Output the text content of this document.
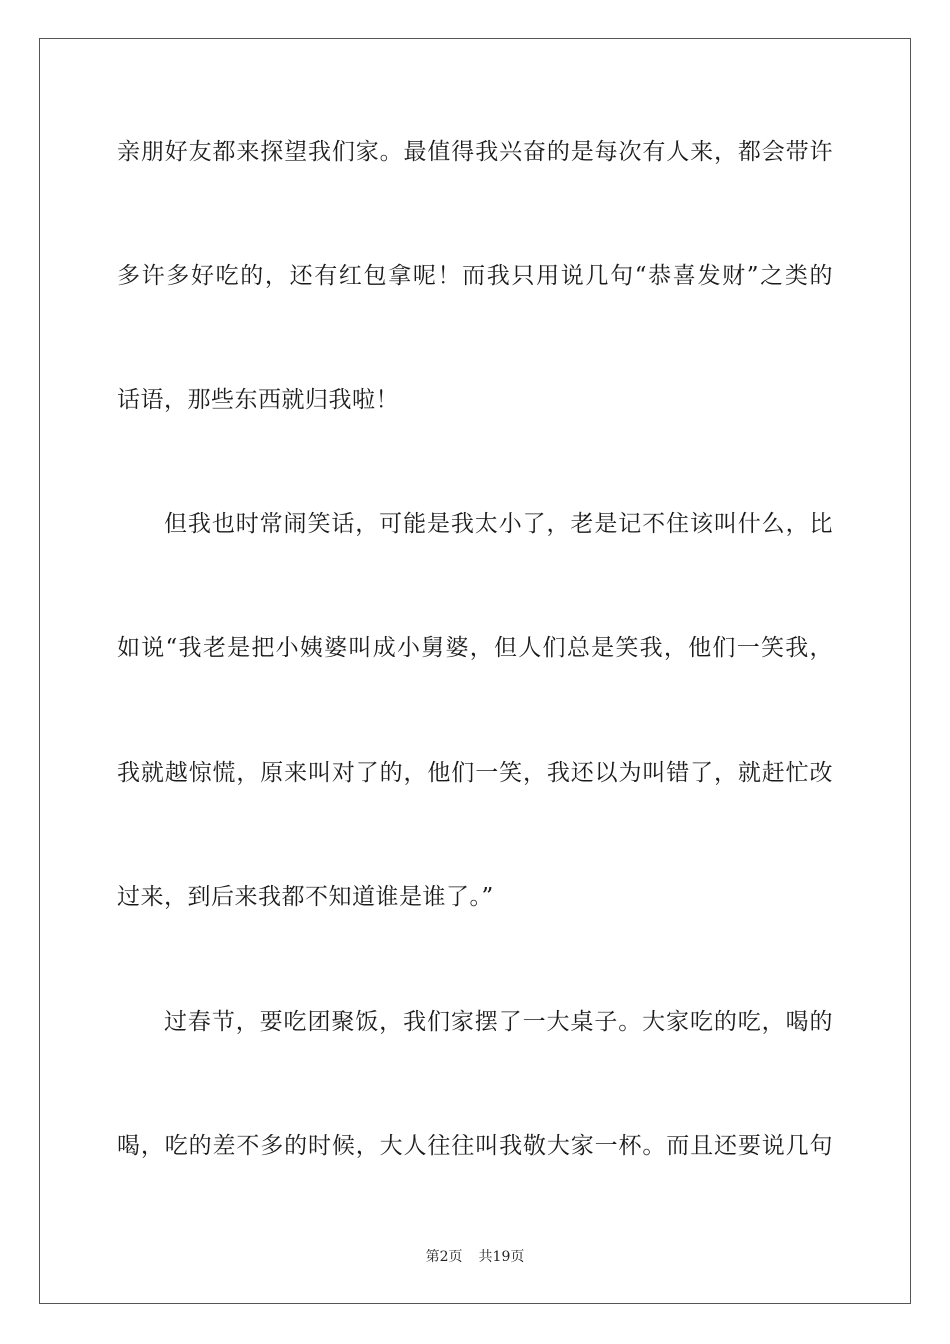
亲朋好友都来探望我们家。最值得我兴奋的是每次有人来，都会带许
多许多好吃的，还有红包拿呢！而我只用说几句“恭喜发财”之类的
话语，那些东西就归我啦！
但我也时常闹笑话，可能是我太小了，老是记不住该叫什么，比
如说“我老是把小姨婆叫成小舅婆，但人们总是笑我，他们一笑我，
我就越惊慌，原来叫对了的，他们一笑，我还以为叫错了，就赶忙改
过来，到后来我都不知道谁是谁了。”
过春节，要吃团聚饭，我们家摆了一大桌子。大家吃的吃，喝的
喝，吃的差不多的时候，大人往往叫我敬大家一杯。而且还要说几句
第2页 共19页
